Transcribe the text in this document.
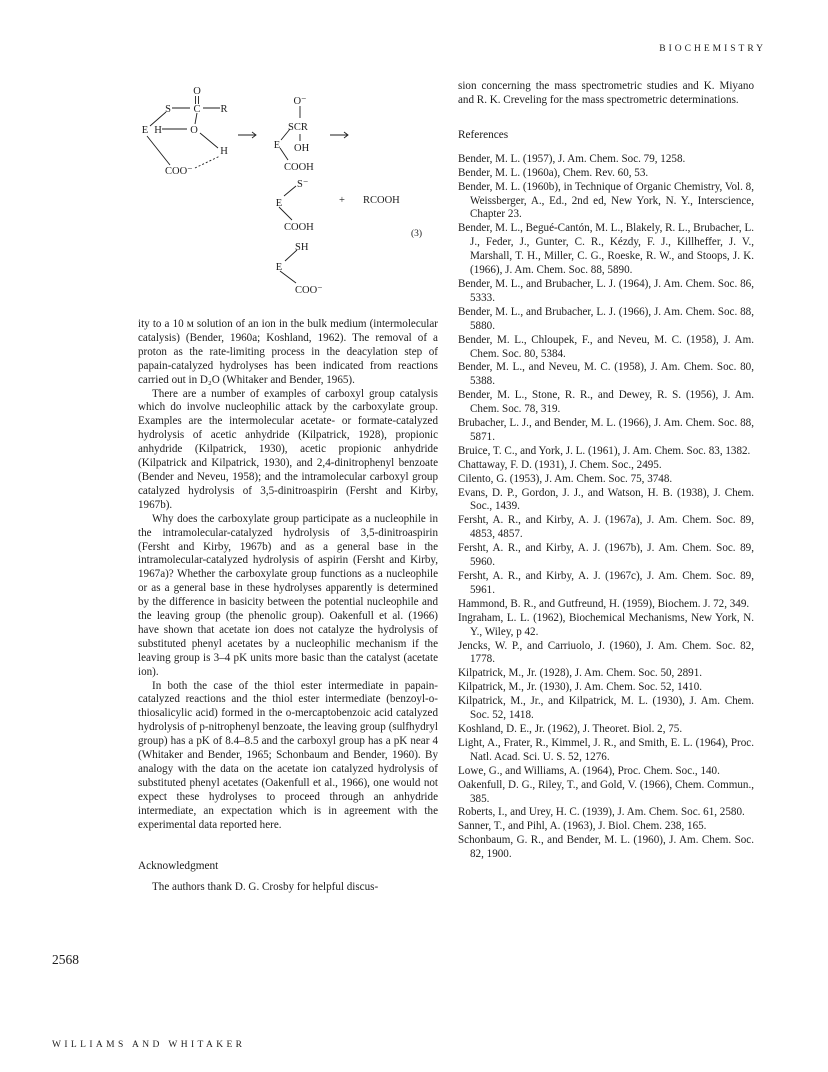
BIOCHEMISTRY
O
S C R
E H	O
H
COO⁻
O⁻
SCR
E OH
COOH
S⁻
E	+ RCOOH
COOH
(3)
SH
E
COO⁻

ity to a 10 м solution of an ion in the bulk medium (intermolecular catalysis) (Bender, 1960a; Koshland, 1962). The removal of a proton as the rate-limiting process in the deacylation step of papain-catalyzed hydrolyses has been indicated from reactions carried out in D₂O (Whitaker and Bender, 1965).

There are a number of examples of carboxyl group catalysis which do involve nucleophilic attack by the carboxylate group. Examples are the intermolecular acetate- or formate-catalyzed hydrolysis of acetic anhydride (Kilpatrick, 1928), propionic anhydride (Kilpatrick, 1930), acetic propionic anhydride (Kilpatrick and Kilpatrick, 1930), and 2,4-dinitrophenyl benzoate (Bender and Neveu, 1958); and the intramolecular carboxyl group catalyzed hydrolysis of 3,5-dinitroaspirin (Fersht and Kirby, 1967b).

Why does the carboxylate group participate as a nucleophile in the intramolecular-catalyzed hydrolysis of 3,5-dinitroaspirin (Fersht and Kirby, 1967b) and as a general base in the intramolecular-catalyzed hydrolysis of aspirin (Fersht and Kirby, 1967a)? Whether the carboxylate group functions as a nucleophile or as a general base in these hydrolyses apparently is determined by the difference in basicity between the potential nucleophile and the leaving group (the phenolic group). Oakenfull et al. (1966) have shown that acetate ion does not catalyze the hydrolysis of substituted phenyl acetates by a nucleophilic mechanism if the leaving group is 3–4 pK units more basic than the catalyst (acetate ion).

In both the case of the thiol ester intermediate in papain-catalyzed reactions and the thiol ester intermediate (benzoyl-o-thiosalicylic acid) formed in the o-mercaptobenzoic acid catalyzed hydrolysis of p-nitrophenyl benzoate, the leaving group (sulfhydryl group) has a pK of 8.4–8.5 and the carboxyl group has a pK near 4 (Whitaker and Bender, 1965; Schonbaum and Bender, 1960). By analogy with the data on the acetate ion catalyzed hydrolysis of substituted phenyl acetates (Oakenfull et al., 1966), one would not expect these hydrolyses to proceed through an anhydride intermediate, an expectation which is in agreement with the experimental data reported here.

Acknowledgment

The authors thank D. G. Crosby for helpful discus-

2568

sion concerning the mass spectrometric studies and K. Miyano and R. K. Creveling for the mass spectrometric determinations.

References

Bender, M. L. (1957), J. Am. Chem. Soc. 79, 1258.
Bender, M. L. (1960a), Chem. Rev. 60, 53.
Bender, M. L. (1960b), in Technique of Organic Chemistry, Vol. 8, Weissberger, A., Ed., 2nd ed, New York, N. Y., Interscience, Chapter 23.
Bender, M. L., Begué-Cantón, M. L., Blakely, R. L., Brubacher, L. J., Feder, J., Gunter, C. R., Kézdy, F. J., Killheffer, J. V., Marshall, T. H., Miller, C. G., Roeske, R. W., and Stoops, J. K. (1966), J. Am. Chem. Soc. 88, 5890.
Bender, M. L., and Brubacher, L. J. (1964), J. Am. Chem. Soc. 86, 5333.
Bender, M. L., and Brubacher, L. J. (1966), J. Am. Chem. Soc. 88, 5880.
Bender, M. L., Chloupek, F., and Neveu, M. C. (1958), J. Am. Chem. Soc. 80, 5384.
Bender, M. L., and Neveu, M. C. (1958), J. Am. Chem. Soc. 80, 5388.
Bender, M. L., Stone, R. R., and Dewey, R. S. (1956), J. Am. Chem. Soc. 78, 319.
Brubacher, L. J., and Bender, M. L. (1966), J. Am. Chem. Soc. 88, 5871.
Bruice, T. C., and York, J. L. (1961), J. Am. Chem. Soc. 83, 1382.
Chattaway, F. D. (1931), J. Chem. Soc., 2495.
Cilento, G. (1953), J. Am. Chem. Soc. 75, 3748.
Evans, D. P., Gordon, J. J., and Watson, H. B. (1938), J. Chem. Soc., 1439.
Fersht, A. R., and Kirby, A. J. (1967a), J. Am. Chem. Soc. 89, 4853, 4857.
Fersht, A. R., and Kirby, A. J. (1967b), J. Am. Chem. Soc. 89, 5960.
Fersht, A. R., and Kirby, A. J. (1967c), J. Am. Chem. Soc. 89, 5961.
Hammond, B. R., and Gutfreund, H. (1959), Biochem. J. 72, 349.
Ingraham, L. L. (1962), Biochemical Mechanisms, New York, N. Y., Wiley, p 42.
Jencks, W. P., and Carriuolo, J. (1960), J. Am. Chem. Soc. 82, 1778.
Kilpatrick, M., Jr. (1928), J. Am. Chem. Soc. 50, 2891.
Kilpatrick, M., Jr. (1930), J. Am. Chem. Soc. 52, 1410.
Kilpatrick, M., Jr., and Kilpatrick, M. L. (1930), J. Am. Chem. Soc. 52, 1418.
Koshland, D. E., Jr. (1962), J. Theoret. Biol. 2, 75.
Light, A., Frater, R., Kimmel, J. R., and Smith, E. L. (1964), Proc. Natl. Acad. Sci. U. S. 52, 1276.
Lowe, G., and Williams, A. (1964), Proc. Chem. Soc., 140.
Oakenfull, D. G., Riley, T., and Gold, V. (1966), Chem. Commun., 385.
Roberts, I., and Urey, H. C. (1939), J. Am. Chem. Soc. 61, 2580.
Sanner, T., and Pihl, A. (1963), J. Biol. Chem. 238, 165.
Schonbaum, G. R., and Bender, M. L. (1960), J. Am. Chem. Soc. 82, 1900.
WILLIAMS AND WHITAKER
